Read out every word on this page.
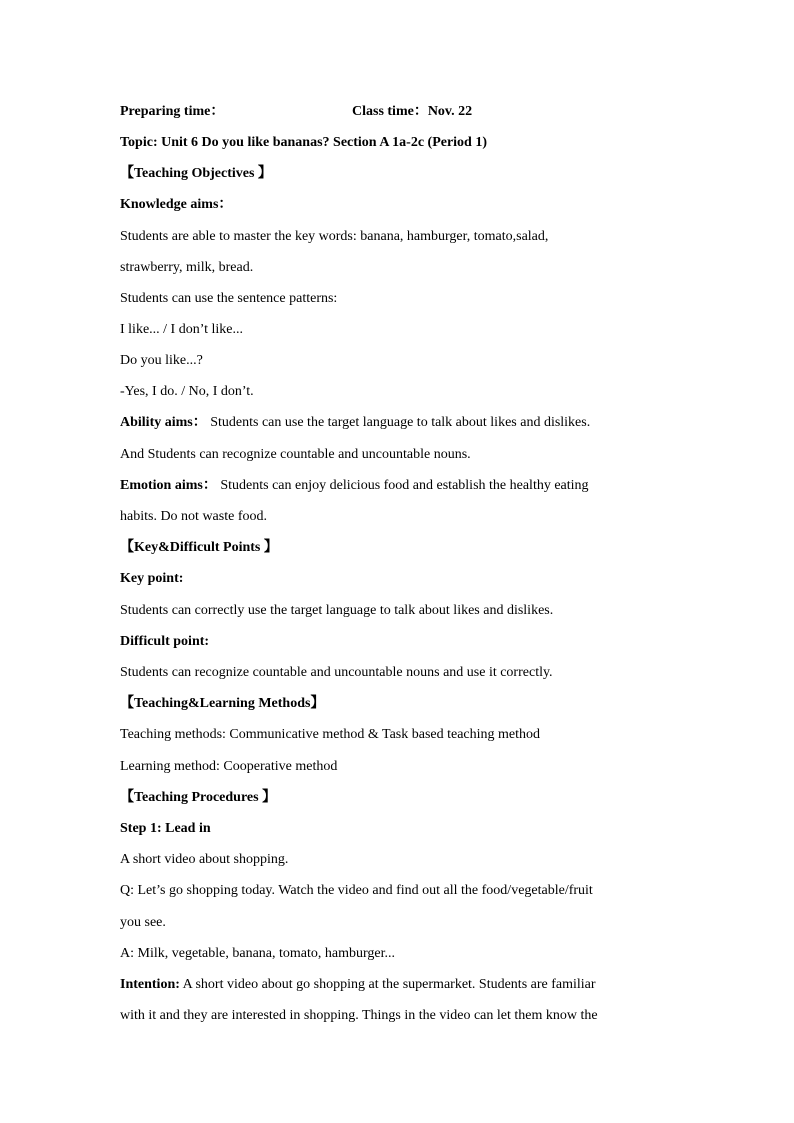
Preparing time：	Class time：Nov. 22
Topic: Unit 6 Do you like bananas? Section A 1a-2c (Period 1)
【Teaching Objectives 】
Knowledge aims：
Students are able to master the key words: banana, hamburger, tomato,salad,
strawberry, milk, bread.
Students can use the sentence patterns:
I like... / I don’t like...
Do you like...?
-Yes, I do. / No, I don’t.
Ability aims： Students can use the target language to talk about likes and dislikes.
And Students can recognize countable and uncountable nouns.
Emotion aims： Students can enjoy delicious food and establish the healthy eating
habits. Do not waste food.
【Key&Difficult Points 】
Key point:
Students can correctly use the target language to talk about likes and dislikes.
Difficult point:
Students can recognize countable and uncountable nouns and use it correctly.
【Teaching&Learning Methods】
Teaching methods: Communicative method & Task based teaching method
Learning method: Cooperative method
【Teaching Procedures 】
Step 1: Lead in
A short video about shopping.
Q: Let’s go shopping today. Watch the video and find out all the food/vegetable/fruit
you see.
A: Milk, vegetable, banana, tomato, hamburger...
Intention: A short video about go shopping at the supermarket. Students are familiar
with it and they are interested in shopping. Things in the video can let them know the
